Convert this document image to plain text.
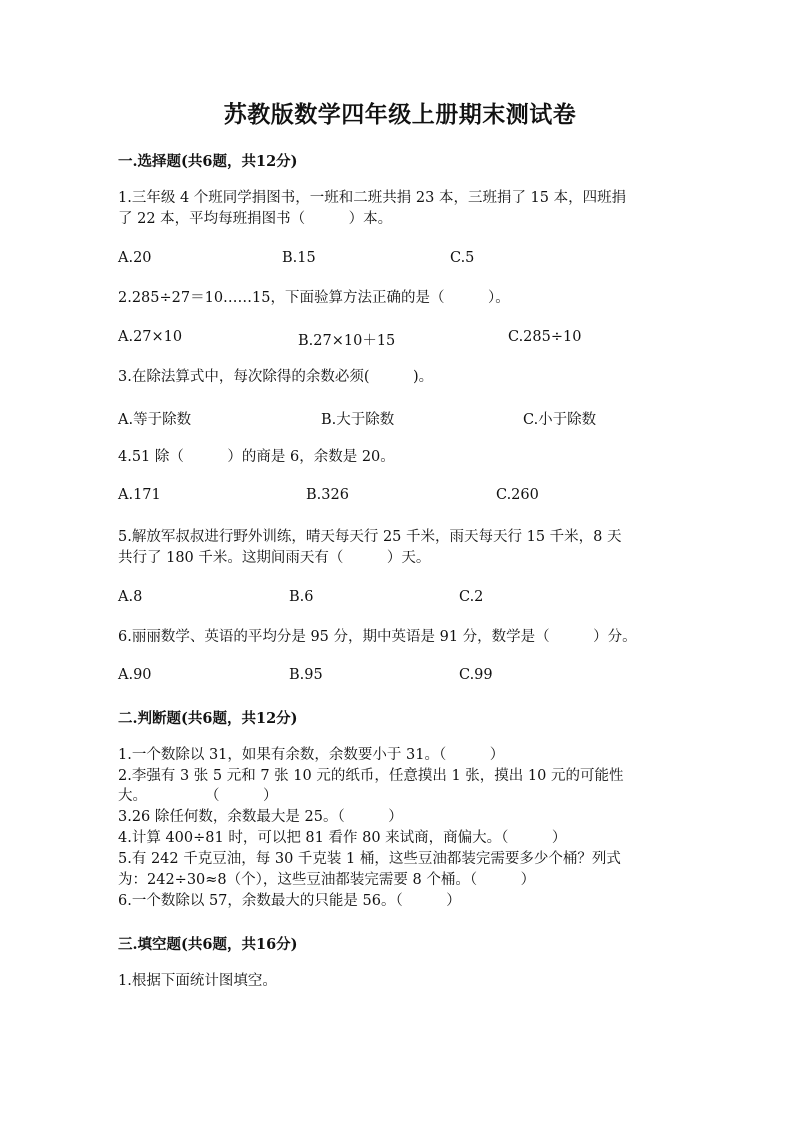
苏教版数学四年级上册期末测试卷
一.选择题(共6题，共12分)
1.三年级 4 个班同学捐图书，一班和二班共捐 23 本，三班捐了 15 本，四班捐
了 22 本，平均每班捐图书（　　　）本。
A.20	B.15	C.5
2.285÷27＝10……15，下面验算方法正确的是（　　　）。
A.27×10	B.27×10＋15	C.285÷10
3.在除法算式中，每次除得的余数必须(　　　)。
A.等于除数	B.大于除数	C.小于除数
4.51 除（　　　）的商是 6，余数是 20。
A.171	B.326	C.260
5.解放军叔叔进行野外训练，晴天每天行 25 千米，雨天每天行 15 千米，8 天
共行了 180 千米。这期间雨天有（　　　）天。
A.8	B.6	C.2
6.丽丽数学、英语的平均分是 95 分，期中英语是 91 分，数学是（　　　）分。
A.90	B.95	C.99
二.判断题(共6题，共12分)
1.一个数除以 31，如果有余数，余数要小于 31。（　　　）
2.李强有 3 张 5 元和 7 张 10 元的纸币，任意摸出 1 张，摸出 10 元的可能性
大。　　　　　（　　　）
3.26 除任何数，余数最大是 25。（　　　）
4.计算 400÷81 时，可以把 81 看作 80 来试商，商偏大。（　　　）
5.有 242 千克豆油，每 30 千克装 1 桶，这些豆油都装完需要多少个桶？列式
为：242÷30≈8（个），这些豆油都装完需要 8 个桶。（　　　）
6.一个数除以 57，余数最大的只能是 56。（　　　）
三.填空题(共6题，共16分)
1.根据下面统计图填空。
